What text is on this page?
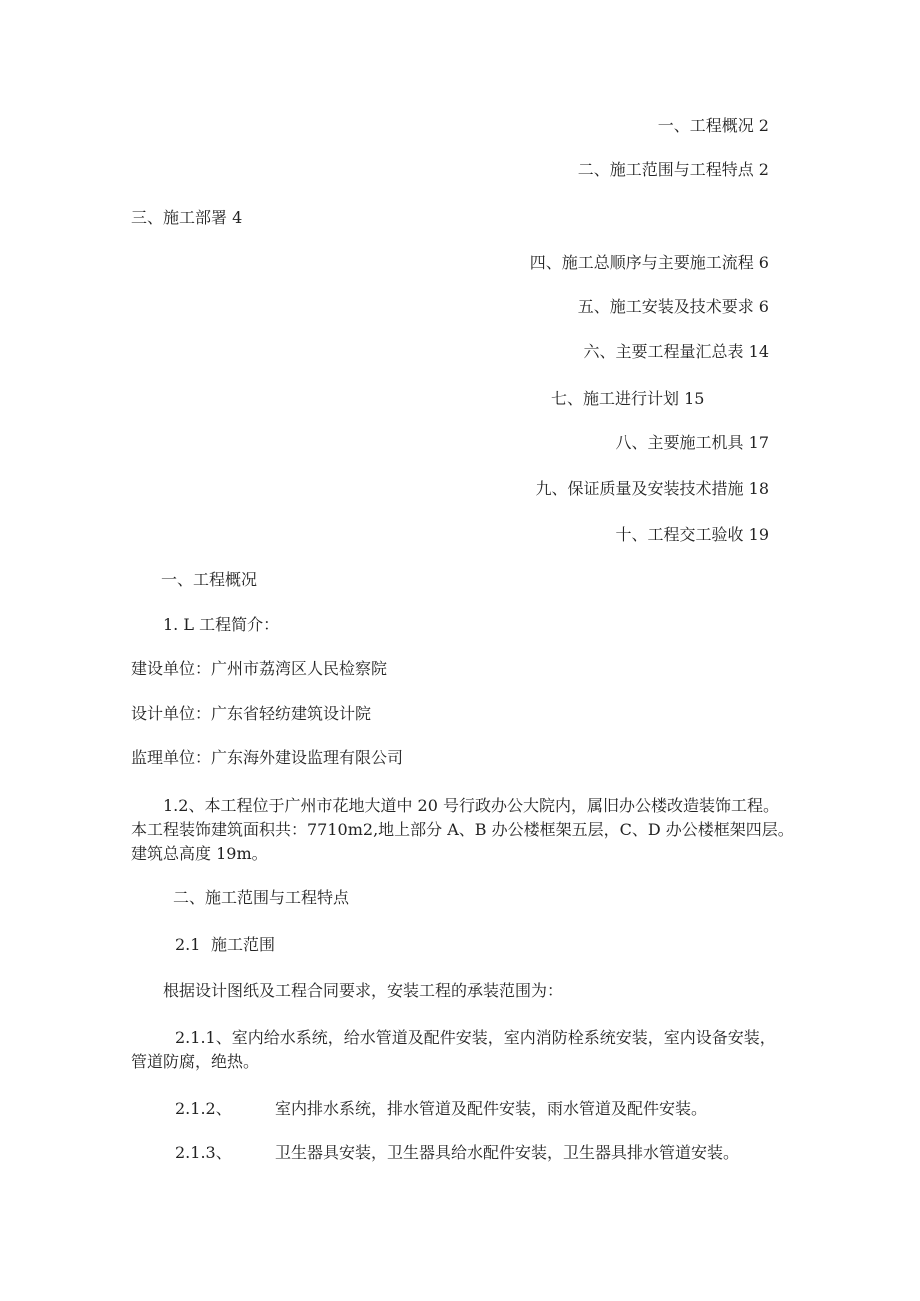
一、工程概况 2
二、施工范围与工程特点 2
三、施工部署 4
四、施工总顺序与主要施工流程 6
五、施工安装及技术要求 6
六、主要工程量汇总表 14
七、施工进行计划 15
八、主要施工机具 17
九、保证质量及安装技术措施 18
十、工程交工验收 19
一、工程概况
1. L 工程简介：
建设单位：广州市荔湾区人民检察院
设计单位：广东省轻纺建筑设计院
监理单位：广东海外建设监理有限公司
1.2、本工程位于广州市花地大道中 20 号行政办公大院内，属旧办公楼改造装饰工程。
本工程装饰建筑面积共：7710m2,地上部分 A、B 办公楼框架五层，C、D 办公楼框架四层。
建筑总高度 19m。
二、施工范围与工程特点
2.1 施工范围
根据设计图纸及工程合同要求，安装工程的承装范围为：
2.1.1、室内给水系统，给水管道及配件安装，室内消防栓系统安装，室内设备安装，
管道防腐，绝热。
2.1.2、	室内排水系统，排水管道及配件安装，雨水管道及配件安装。
2.1.3、	卫生器具安装，卫生器具给水配件安装，卫生器具排水管道安装。
